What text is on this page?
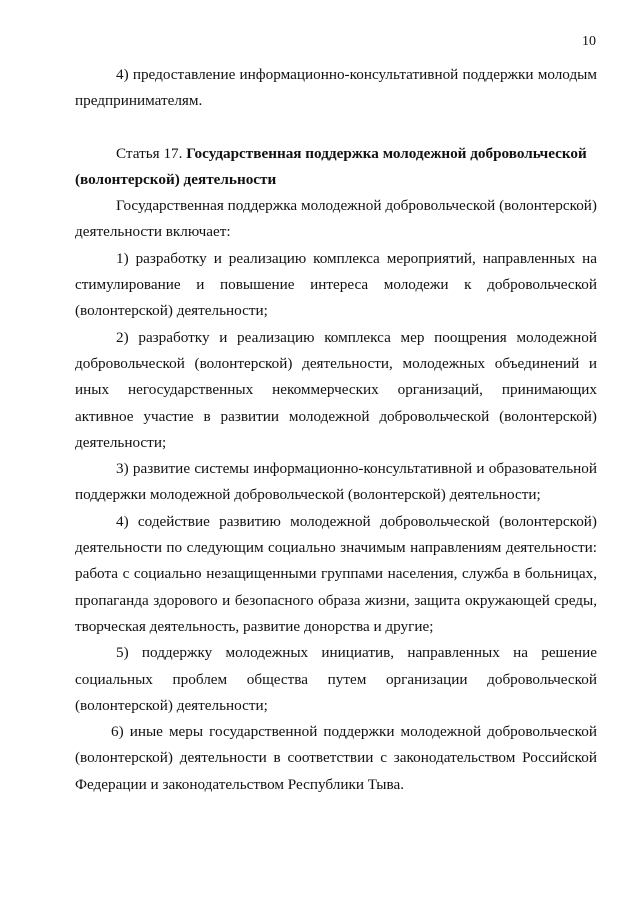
10

4) предоставление информационно-консультативной поддержки молодым предпринимателям.

Статья 17. Государственная поддержка молодежной добровольческой (волонтерской) деятельности

Государственная поддержка молодежной добровольческой (волонтерской) деятельности включает:

1) разработку и реализацию комплекса мероприятий, направленных на стимулирование и повышение интереса молодежи к добровольческой (волонтерской) деятельности;

2) разработку и реализацию комплекса мер поощрения молодежной добровольческой (волонтерской) деятельности, молодежных объединений и иных негосударственных некоммерческих организаций, принимающих активное участие в развитии молодежной добровольческой (волонтерской) деятельности;

3) развитие системы информационно-консультативной и образовательной поддержки молодежной добровольческой (волонтерской) деятельности;

4) содействие развитию молодежной добровольческой (волонтерской) деятельности по следующим социально значимым направлениям деятельности: работа с социально незащищенными группами населения, служба в больницах, пропаганда здорового и безопасного образа жизни, защита окружающей среды, творческая деятельность, развитие донорства и другие;

5) поддержку молодежных инициатив, направленных на решение социальных проблем общества путем организации добровольческой (волонтерской) деятельности;

6) иные меры государственной поддержки молодежной добровольческой (волонтерской) деятельности в соответствии с законодательством Российской Федерации и законодательством Республики Тыва.
